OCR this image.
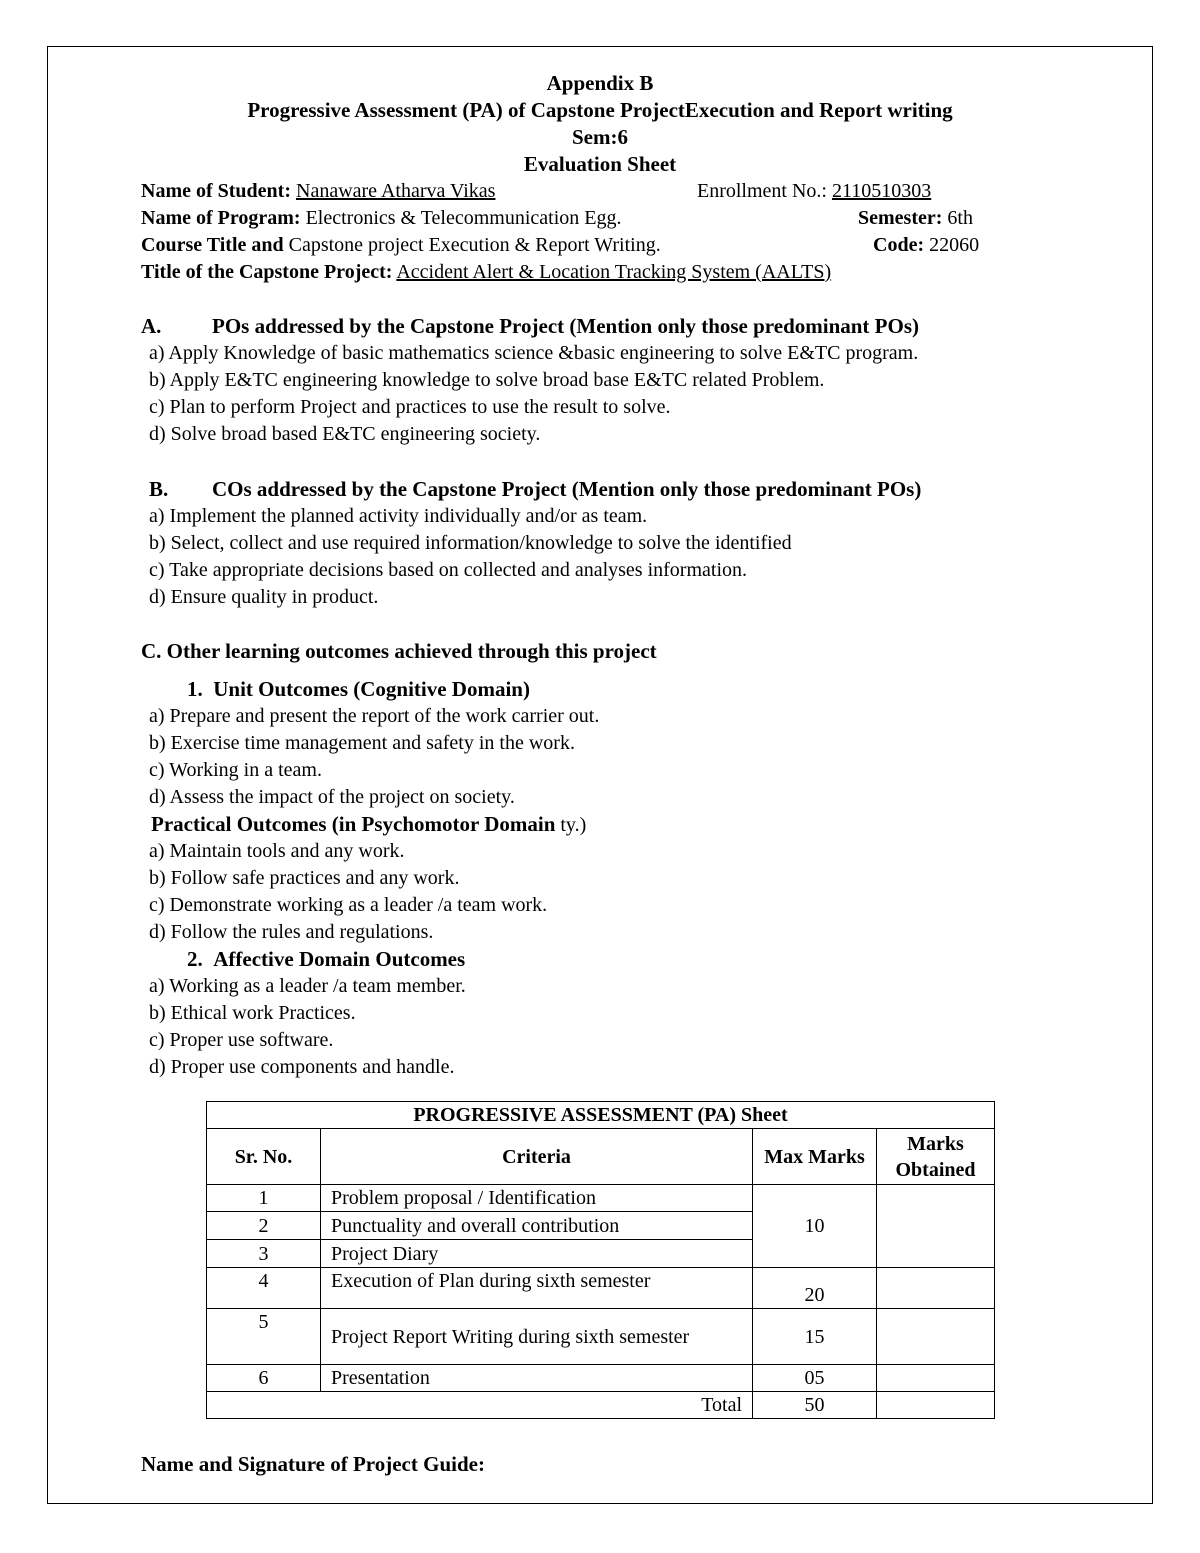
Appendix B
Progressive Assessment (PA) of Capstone ProjectExecution and Report writing
Sem:6
Evaluation Sheet
Name of Student: Nanaware Atharva Vikas	Enrollment No.: 2110510303
Name of Program: Electronics & Telecommunication Egg.	Semester: 6th
Course Title and Capstone project Execution & Report Writing.	Code: 22060
Title of the Capstone Project: Accident Alert & Location Tracking System (AALTS)
A. POs addressed by the Capstone Project (Mention only those predominant POs)
a) Apply Knowledge of basic mathematics science &basic engineering to solve E&TC program.
b) Apply E&TC engineering knowledge to solve broad base E&TC related Problem.
c) Plan to perform Project and practices to use the result to solve.
d) Solve broad based E&TC engineering society.
B. COs addressed by the Capstone Project (Mention only those predominant POs)
a) Implement the planned activity individually and/or as team.
b) Select, collect and use required information/knowledge to solve the identified
c) Take appropriate decisions based on collected and analyses information.
d) Ensure quality in product.
C. Other learning outcomes achieved through this project
1.  Unit Outcomes (Cognitive Domain)
a) Prepare and present the report of the work carrier out.
b) Exercise time management and safety in the work.
c) Working in a team.
d) Assess the impact of the project on society.
Practical Outcomes (in Psychomotor Domain ty.)
a) Maintain tools and any work.
b) Follow safe practices and any work.
c) Demonstrate working as a leader /a team work.
d) Follow the rules and regulations.
2.  Affective Domain Outcomes
a) Working as a leader /a team member.
b) Ethical work Practices.
c) Proper use software.
d) Proper use components and handle.
PROGRESSIVE ASSESSMENT (PA) Sheet			
Sr. No.	Criteria	Max Marks	Marks Obtained
1	Problem proposal / Identification	10	
2	Punctuality and overall contribution		
3	Project Diary		
4	Execution of Plan during sixth semester	20	
5	Project Report Writing during sixth semester	15	
6	Presentation	05	
Total		50	
Name and Signature of Project Guide:
